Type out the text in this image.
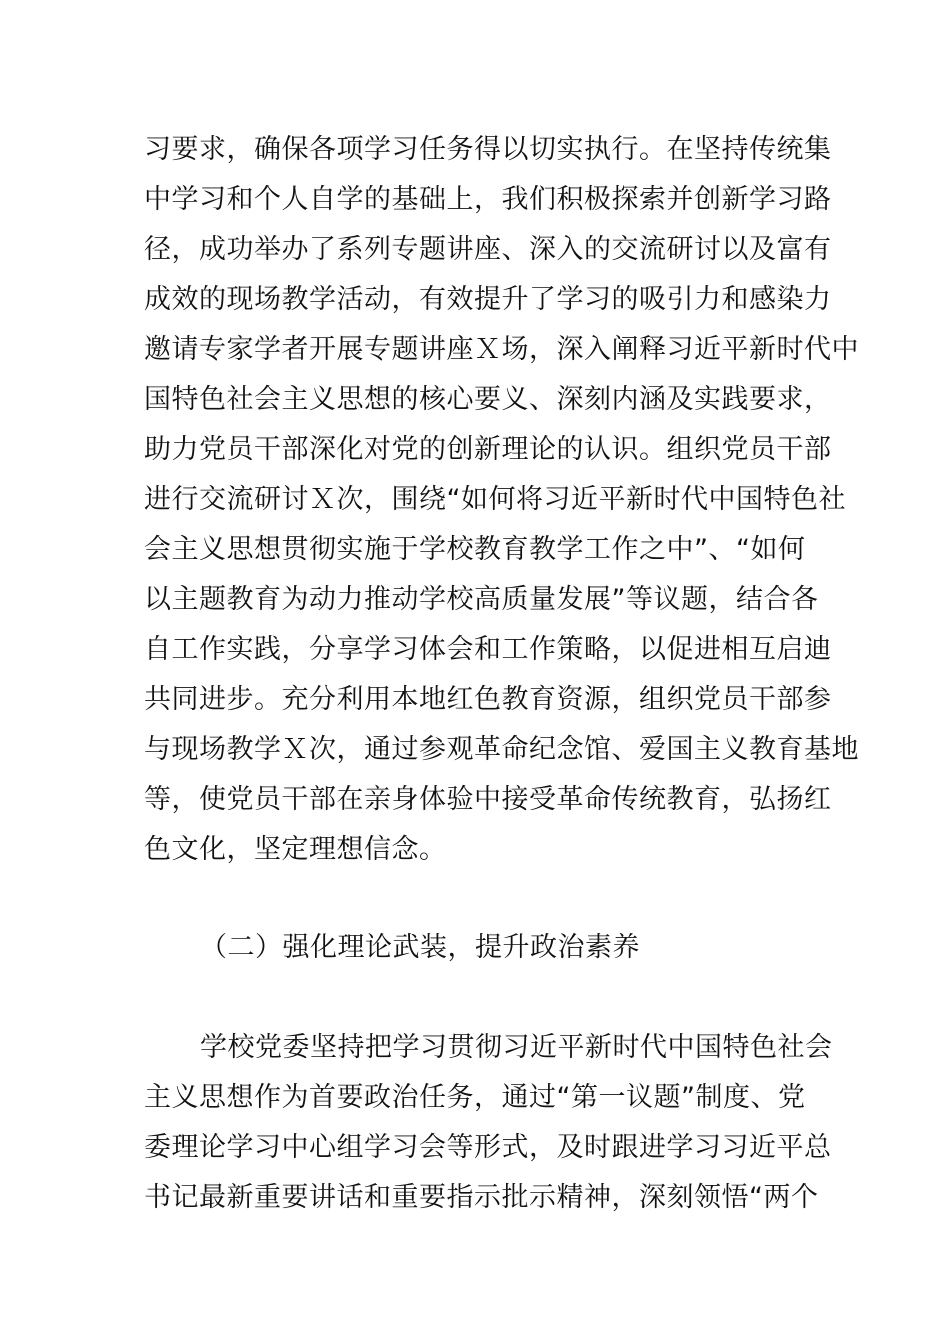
习要求，确保各项学习任务得以切实执行。在坚持传统集
中学习和个人自学的基础上，我们积极探索并创新学习路
径，成功举办了系列专题讲座、深入的交流研讨以及富有
成效的现场教学活动，有效提升了学习的吸引力和感染力
邀请专家学者开展专题讲座Ｘ场，深入阐释习近平新时代中
国特色社会主义思想的核心要义、深刻内涵及实践要求，
助力党员干部深化对党的创新理论的认识。组织党员干部
进行交流研讨Ｘ次，围绕“如何将习近平新时代中国特色社
会主义思想贯彻实施于学校教育教学工作之中”、“如何
以主题教育为动力推动学校高质量发展”等议题，结合各
自工作实践，分享学习体会和工作策略，以促进相互启迪
共同进步。充分利用本地红色教育资源，组织党员干部参
与现场教学Ｘ次，通过参观革命纪念馆、爱国主义教育基地
等，使党员干部在亲身体验中接受革命传统教育，弘扬红
色文化，坚定理想信念。
（二）强化理论武装，提升政治素养
学校党委坚持把学习贯彻习近平新时代中国特色社会
主义思想作为首要政治任务，通过“第一议题”制度、党
委理论学习中心组学习会等形式，及时跟进学习习近平总
书记最新重要讲话和重要指示批示精神，深刻领悟“两个
